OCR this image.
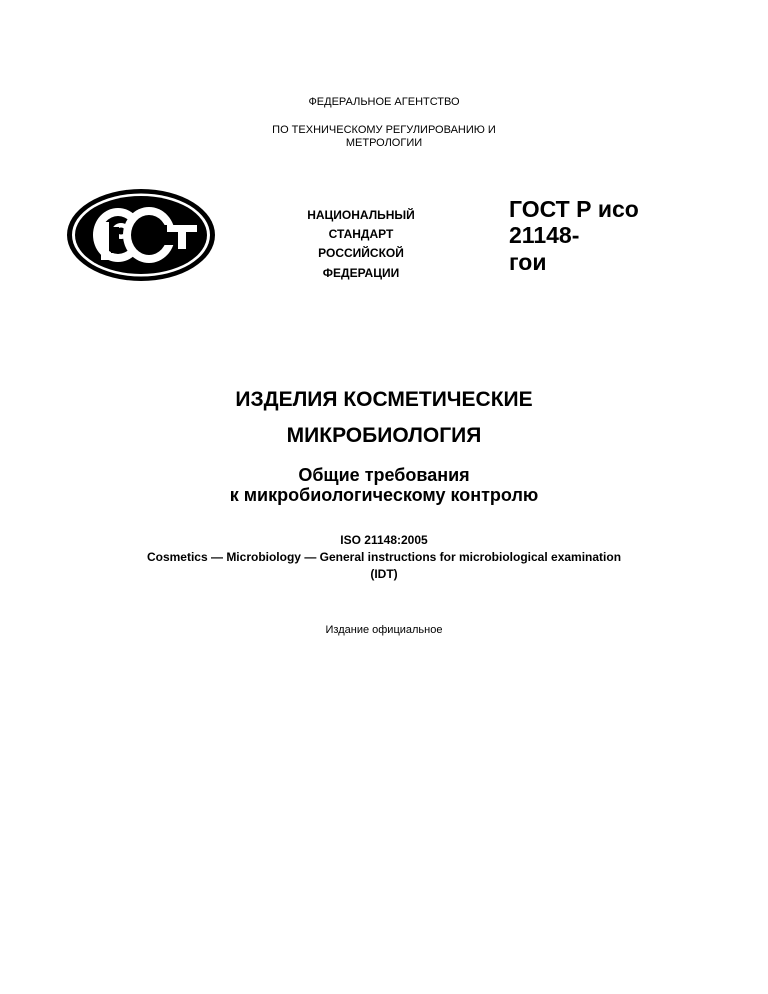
ФЕДЕРАЛЬНОЕ АГЕНТСТВО
ПО ТЕХНИЧЕСКОМУ РЕГУЛИРОВАНИЮ И
МЕТРОЛОГИИ
НАЦИОНАЛЬНЫЙ
СТАНДАРТ
РОССИЙСКОЙ
ФЕДЕРАЦИИ
ГОСТ Р исо
21148-
гои
ИЗДЕЛИЯ КОСМЕТИЧЕСКИЕ
МИКРОБИОЛОГИЯ
Общие требования
к микробиологическому контролю
ISO 21148:2005
Cosmetics — Microbiology — General instructions for microbiological examination
(IDT)
Издание официальное
